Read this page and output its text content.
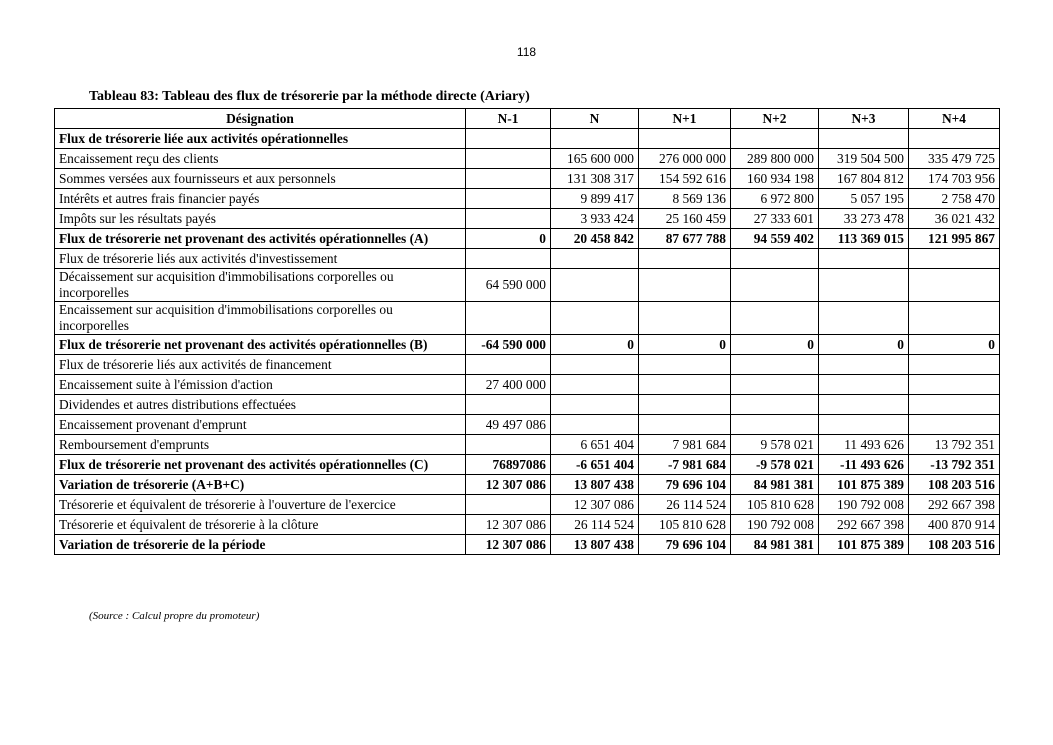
118
Tableau 83: Tableau des flux de trésorerie par la méthode directe (Ariary)
Désignation	N-1	N	N+1	N+2	N+3	N+4
Flux de trésorerie liée aux activités opérationnelles						
Encaissement reçu des clients		165 600 000	276 000 000	289 800 000	319 504 500	335 479 725
Sommes versées aux fournisseurs et aux personnels		131 308 317	154 592 616	160 934 198	167 804 812	174 703 956
Intérêts et autres frais financier payés		9 899 417	8 569 136	6 972 800	5 057 195	2 758 470
Impôts sur les résultats payés		3 933 424	25 160 459	27 333 601	33 273 478	36 021 432
Flux de trésorerie net provenant des activités opérationnelles (A)	0	20 458 842	87 677 788	94 559 402	113 369 015	121 995 867
Flux de trésorerie liés aux activités d'investissement						
Décaissement sur acquisition d'immobilisations corporelles ou incorporelles	64 590 000					
Encaissement sur acquisition d'immobilisations corporelles ou incorporelles						
Flux de trésorerie net provenant des activités opérationnelles (B)	-64 590 000	0	0	0	0	0
Flux de trésorerie liés aux activités de financement						
Encaissement suite à l'émission d'action	27 400 000					
Dividendes et autres distributions effectuées						
Encaissement provenant d'emprunt	49 497 086					
Remboursement d'emprunts		6 651 404	7 981 684	9 578 021	11 493 626	13 792 351
Flux de trésorerie net provenant des activités opérationnelles (C)	76897086	-6 651 404	-7 981 684	-9 578 021	-11 493 626	-13 792 351
Variation de trésorerie (A+B+C)	12 307 086	13 807 438	79 696 104	84 981 381	101 875 389	108 203 516
Trésorerie et équivalent de trésorerie à l'ouverture de l'exercice		12 307 086	26 114 524	105 810 628	190 792 008	292 667 398
Trésorerie et équivalent de trésorerie à la clôture	12 307 086	26 114 524	105 810 628	190 792 008	292 667 398	400 870 914
Variation de trésorerie de la période	12 307 086	13 807 438	79 696 104	84 981 381	101 875 389	108 203 516
(Source : Calcul propre du promoteur)
